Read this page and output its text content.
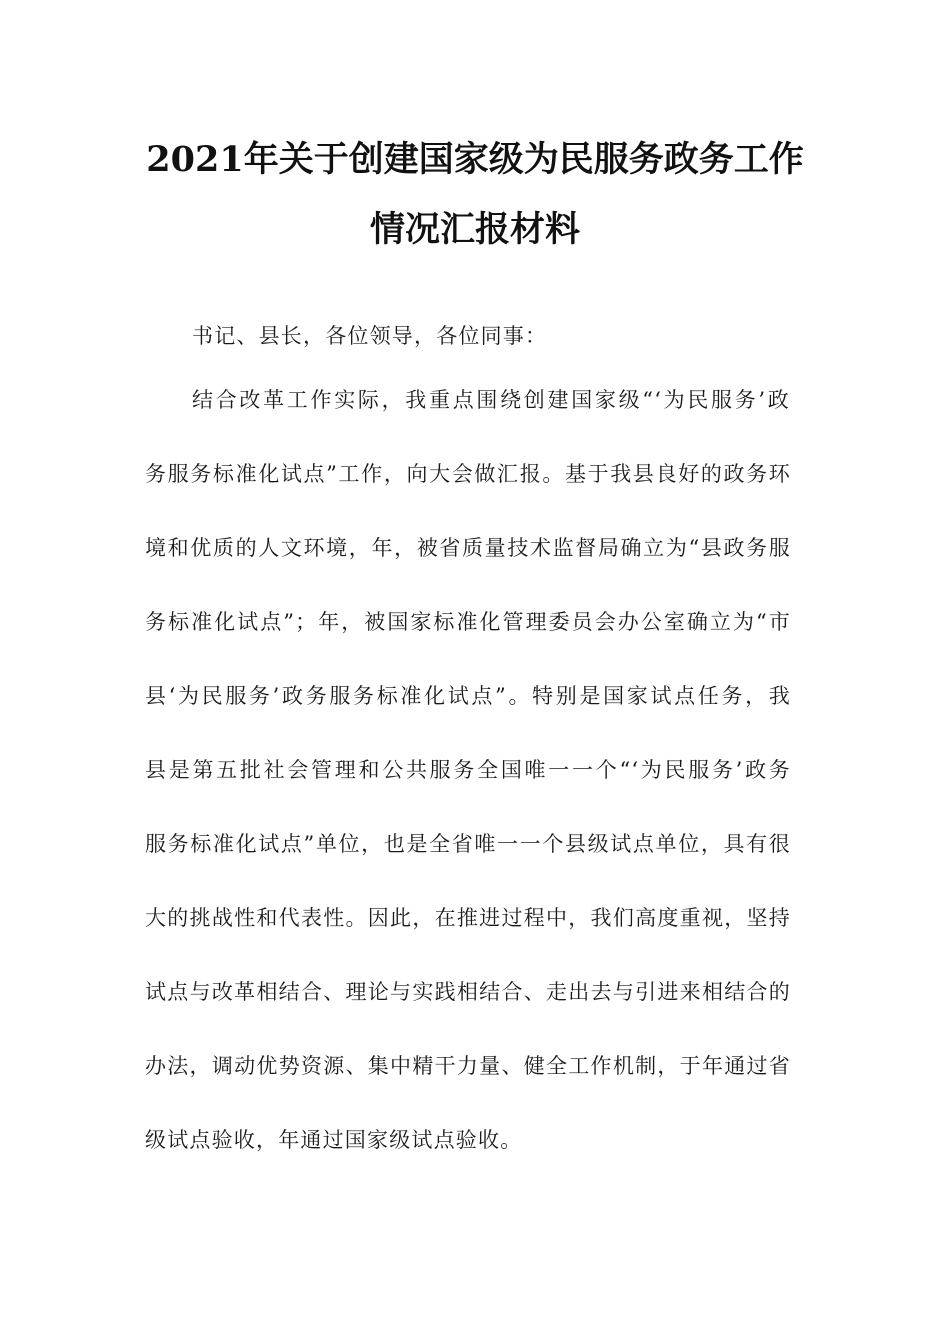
2021年关于创建国家级为民服务政务工作
情况汇报材料
书记、县长，各位领导，各位同事：
结合改革工作实际，我重点围绕创建国家级“‘为民服务’政
务服务标准化试点”工作，向大会做汇报。基于我县良好的政务环
境和优质的人文环境，年，被省质量技术监督局确立为“县政务服
务标准化试点”；年，被国家标准化管理委员会办公室确立为“市
县‘为民服务’政务服务标准化试点”。特别是国家试点任务，我
县是第五批社会管理和公共服务全国唯一一个“‘为民服务’政务
服务标准化试点”单位，也是全省唯一一个县级试点单位，具有很
大的挑战性和代表性。因此，在推进过程中，我们高度重视，坚持
试点与改革相结合、理论与实践相结合、走出去与引进来相结合的
办法，调动优势资源、集中精干力量、健全工作机制，于年通过省
级试点验收，年通过国家级试点验收。
